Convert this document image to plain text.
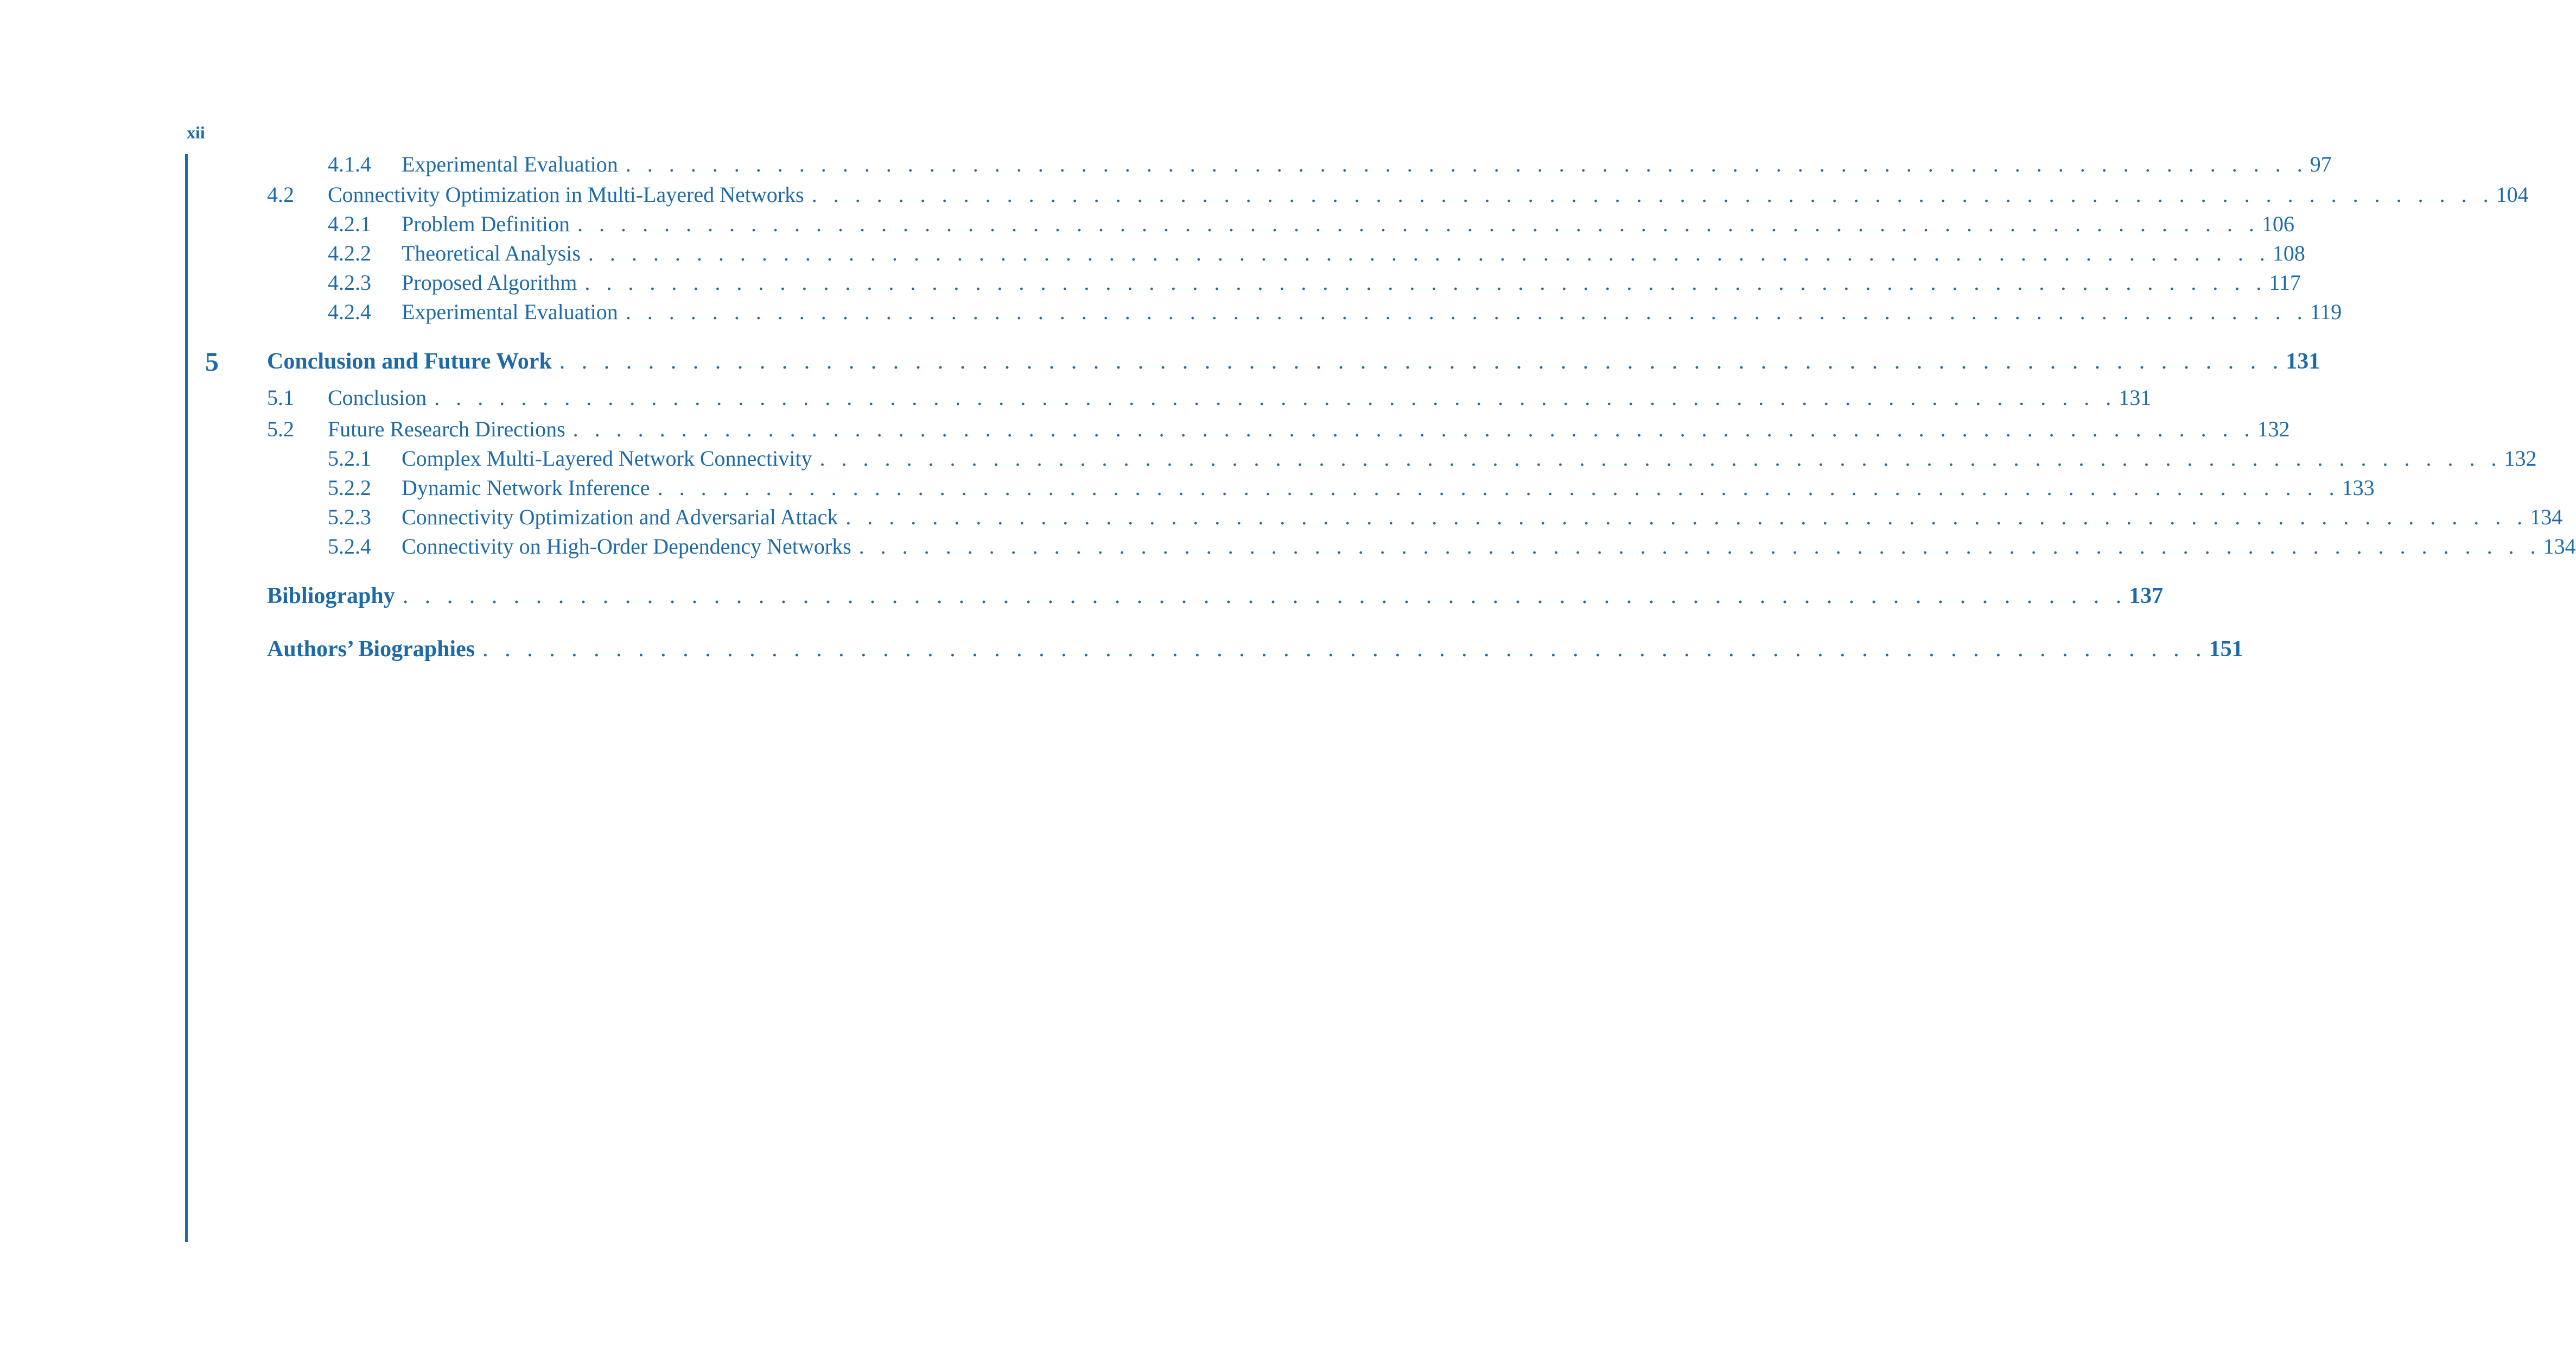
xii
4.1.4	Experimental Evaluation . . . . . . . . . . . . . . . . . . . . . . . . . . . . . . . . . . . . . . . . . . . . . . . . . . . . . . . . . . . . . . . . . . . . . . . . . . . . . . 97
4.2	Connectivity Optimization in Multi-Layered Networks . . . . . . . . . . . . . . . . . . . . . . . . . . . . . . . . . . . . . . . . . . . . . . . . . . . . . . . . . . . . . . . . . . . . . . . . . . . . . . 104
4.2.1	Problem Definition . . . . . . . . . . . . . . . . . . . . . . . . . . . . . . . . . . . . . . . . . . . . . . . . . . . . . . . . . . . . . . . . . . . . . . . . . . . . . . 106
4.2.2	Theoretical Analysis . . . . . . . . . . . . . . . . . . . . . . . . . . . . . . . . . . . . . . . . . . . . . . . . . . . . . . . . . . . . . . . . . . . . . . . . . . . . . . 108
4.2.3	Proposed Algorithm . . . . . . . . . . . . . . . . . . . . . . . . . . . . . . . . . . . . . . . . . . . . . . . . . . . . . . . . . . . . . . . . . . . . . . . . . . . . . . 117
4.2.4	Experimental Evaluation . . . . . . . . . . . . . . . . . . . . . . . . . . . . . . . . . . . . . . . . . . . . . . . . . . . . . . . . . . . . . . . . . . . . . . . . . . . . . . 119
5 Conclusion and Future Work . . . . . . . . . . . . . . . . . . . . . . . . . . . . . . . . . . . . . . . . . . . . . . . . . . . . . . . . . . . . . . . . . . . . . . . . . . . . . . 131
5.1	Conclusion . . . . . . . . . . . . . . . . . . . . . . . . . . . . . . . . . . . . . . . . . . . . . . . . . . . . . . . . . . . . . . . . . . . . . . . . . . . . . . 131
5.2	Future Research Directions . . . . . . . . . . . . . . . . . . . . . . . . . . . . . . . . . . . . . . . . . . . . . . . . . . . . . . . . . . . . . . . . . . . . . . . . . . . . . . 132
5.2.1	Complex Multi-Layered Network Connectivity . . . . . . . . . . . . . . . . . . . . . . . . . . . . . . . . . . . . . . . . . . . . . . . . . . . . . . . . . . . . . . . . . . . . . . . . . . . . . . 132
5.2.2	Dynamic Network Inference . . . . . . . . . . . . . . . . . . . . . . . . . . . . . . . . . . . . . . . . . . . . . . . . . . . . . . . . . . . . . . . . . . . . . . . . . . . . . . 133
5.2.3	Connectivity Optimization and Adversarial Attack . . . . . . . . . . . . . . . . . . . . . . . . . . . . . . . . . . . . . . . . . . . . . . . . . . . . . . . . . . . . . . . . . . . . . . . . . . . . . . 134
5.2.4	Connectivity on High-Order Dependency Networks . . . . . . . . . . . . . . . . . . . . . . . . . . . . . . . . . . . . . . . . . . . . . . . . . . . . . . . . . . . . . . . . . . . . . . . . . . . . . . 134
Bibliography . . . . . . . . . . . . . . . . . . . . . . . . . . . . . . . . . . . . . . . . . . . . . . . . . . . . . . . . . . . . . . . . . . . . . . . . . . . . . . 137
Authors’ Biographies . . . . . . . . . . . . . . . . . . . . . . . . . . . . . . . . . . . . . . . . . . . . . . . . . . . . . . . . . . . . . . . . . . . . . . . . . . . . . . 151
